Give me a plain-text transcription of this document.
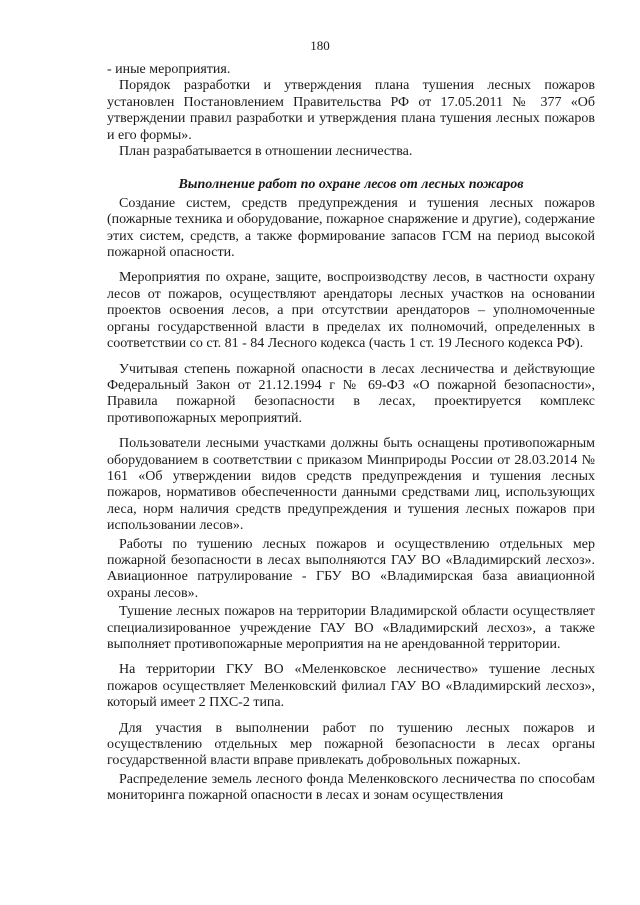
180

- иные мероприятия.

Порядок разработки и утверждения плана тушения лесных пожаров установлен Постановлением Правительства РФ от 17.05.2011 № 377 «Об утверждении правил разработки и утверждения плана тушения лесных пожаров и его формы».

План разрабатывается в отношении лесничества.

Выполнение работ по охране лесов от лесных пожаров

Создание систем, средств предупреждения и тушения лесных пожаров (пожарные техника и оборудование, пожарное снаряжение и другие), содержание этих систем, средств, а также формирование запасов ГСМ на период высокой пожарной опасности.

Мероприятия по охране, защите, воспроизводству лесов, в частности охрану лесов от пожаров, осуществляют арендаторы лесных участков на основании проектов освоения лесов, а при отсутствии арендаторов – уполномоченные органы государственной власти в пределах их полномочий, определенных в соответствии со ст. 81 - 84 Лесного кодекса (часть 1 ст. 19 Лесного кодекса РФ).

Учитывая степень пожарной опасности в лесах лесничества и действующие Федеральный Закон от 21.12.1994 г № 69-ФЗ «О пожарной безопасности», Правила пожарной безопасности в лесах, проектируется комплекс противопожарных мероприятий.

Пользователи лесными участками должны быть оснащены противопожарным оборудованием в соответствии с приказом Минприроды России от 28.03.2014 № 161 «Об утверждении видов средств предупреждения и тушения лесных пожаров, нормативов обеспеченности данными средствами лиц, использующих леса, норм наличия средств предупреждения и тушения лесных пожаров при использовании лесов».

Работы по тушению лесных пожаров и осуществлению отдельных мер пожарной безопасности в лесах выполняются ГАУ ВО «Владимирский лесхоз». Авиационное патрулирование - ГБУ ВО «Владимирская база авиационной охраны лесов».

Тушение лесных пожаров на территории Владимирской области осуществляет специализированное учреждение ГАУ ВО «Владимирский лесхоз», а также выполняет противопожарные мероприятия на не арендованной территории.

На территории ГКУ ВО «Меленковское лесничество» тушение лесных пожаров осуществляет Меленковский филиал ГАУ ВО «Владимирский лесхоз», который имеет 2 ПХС-2 типа.

Для участия в выполнении работ по тушению лесных пожаров и осуществлению отдельных мер пожарной безопасности в лесах органы государственной власти вправе привлекать добровольных пожарных.

Распределение земель лесного фонда Меленковского лесничества по способам мониторинга пожарной опасности в лесах и зонам осуществления
